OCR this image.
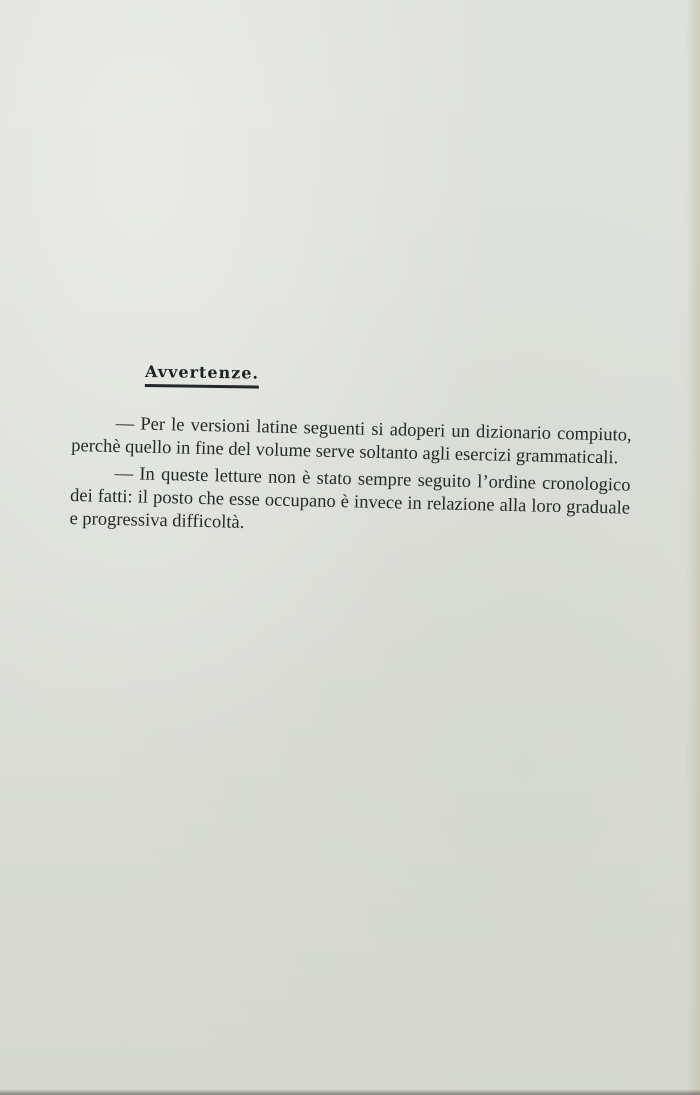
Avvertenze.

— Per le versioni latine seguenti si adoperi un dizionario compiuto, perchè quello in fine del volume serve soltanto agli esercizi grammaticali.

— In queste letture non è stato sempre seguito l’ordine cronologico dei fatti: il posto che esse occupano è invece in relazione alla loro graduale e progressiva difficoltà.
